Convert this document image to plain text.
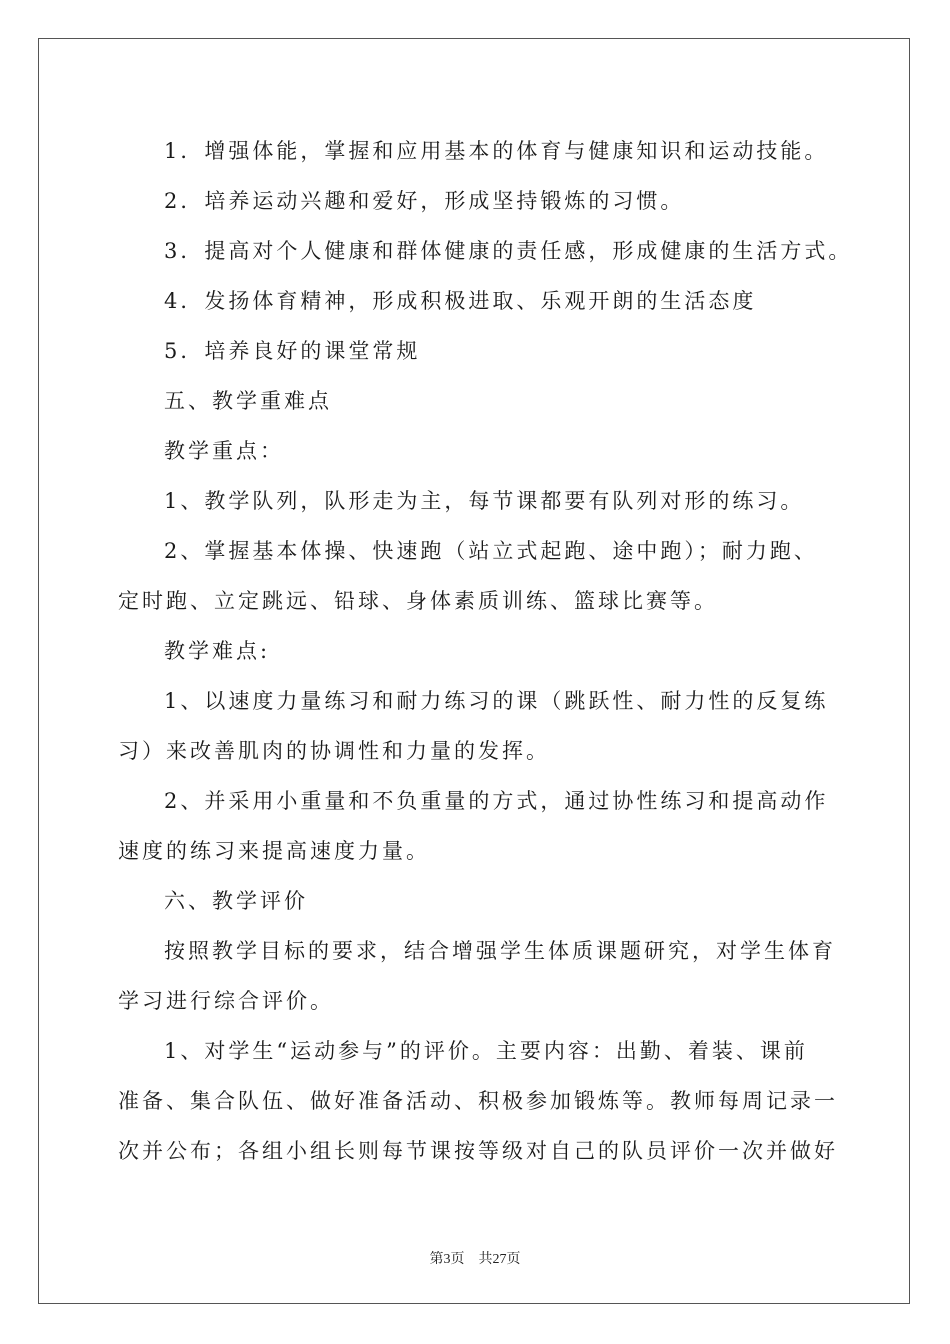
1．增强体能，掌握和应用基本的体育与健康知识和运动技能。

2．培养运动兴趣和爱好，形成坚持锻炼的习惯。

3．提高对个人健康和群体健康的责任感，形成健康的生活方式。

4．发扬体育精神，形成积极进取、乐观开朗的生活态度

5．培养良好的课堂常规

五、教学重难点

教学重点：

1、教学队列，队形走为主，每节课都要有队列对形的练习。

2、掌握基本体操、快速跑（站立式起跑、途中跑）；耐力跑、

定时跑、立定跳远、铅球、身体素质训练、篮球比赛等。

教学难点:

1、以速度力量练习和耐力练习的课（跳跃性、耐力性的反复练

习）来改善肌肉的协调性和力量的发挥。

2、并采用小重量和不负重量的方式，通过协性练习和提高动作

速度的练习来提高速度力量。

六、教学评价

按照教学目标的要求，结合增强学生体质课题研究，对学生体育

学习进行综合评价。

1、对学生“运动参与”的评价。主要内容：出勤、着装、课前

准备、集合队伍、做好准备活动、积极参加锻炼等。教师每周记录一

次并公布；各组小组长则每节课按等级对自己的队员评价一次并做好

第3页 共27页
